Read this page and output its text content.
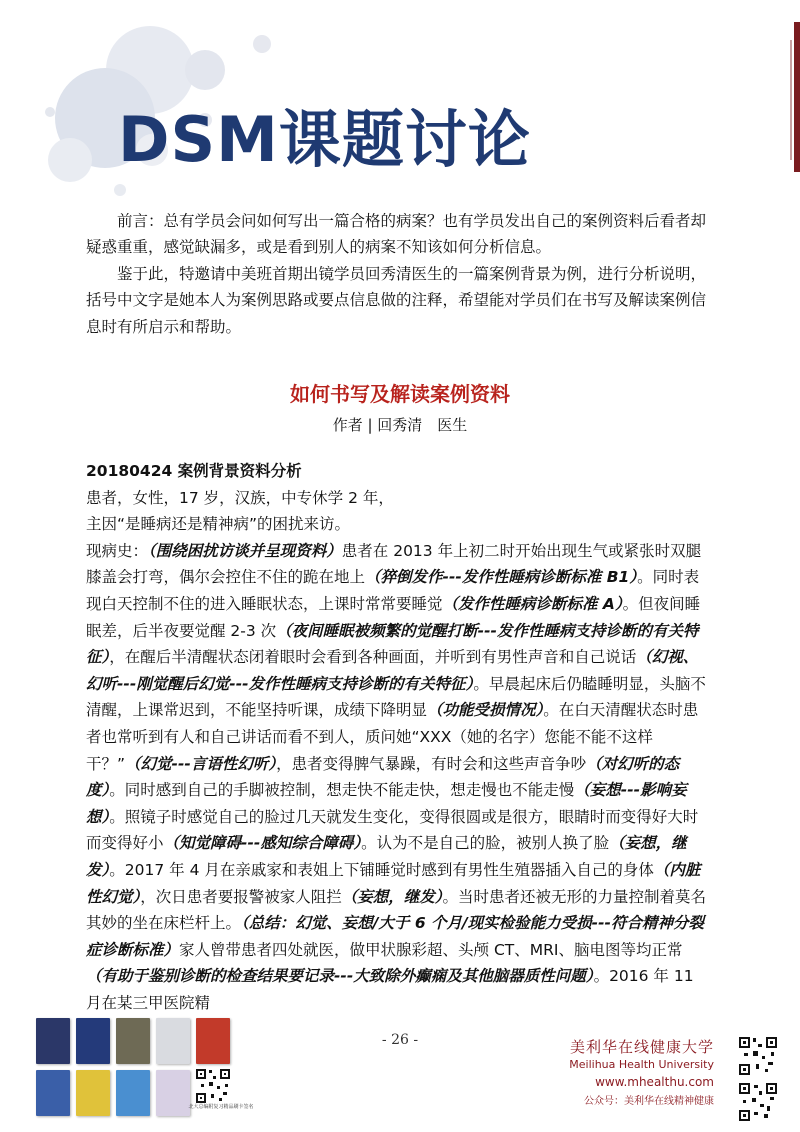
DSM课题讨论

前言：总有学员会问如何写出一篇合格的病案？也有学员发出自己的案例资料后看者却疑惑重重，感觉缺漏多，或是看到别人的病案不知该如何分析信息。

鉴于此，特邀请中美班首期出镜学员回秀清医生的一篇案例背景为例，进行分析说明，括号中文字是她本人为案例思路或要点信息做的注释，希望能对学员们在书写及解读案例信息时有所启示和帮助。

如何书写及解读案例资料
作者 | 回秀清　医生

20180424 案例背景资料分析

患者，女性，17 岁，汉族，中专休学 2 年，

主因“是睡病还是精神病”的困扰来访。

现病史：（围绕困扰访谈并呈现资料）患者在 2013 年上初二时开始出现生气或紧张时双腿膝盖会打弯，偶尔会控住不住的跪在地上（猝倒发作---发作性睡病诊断标准 B1）。同时表现白天控制不住的进入睡眠状态，上课时常常要睡觉（发作性睡病诊断标准 A）。但夜间睡眠差，后半夜要觉醒 2-3 次（夜间睡眠被频繁的觉醒打断---发作性睡病支持诊断的有关特征），在醒后半清醒状态闭着眼时会看到各种画面，并听到有男性声音和自己说话（幻视、幻听---刚觉醒后幻觉---发作性睡病支持诊断的有关特征）。早晨起床后仍瞌睡明显，头脑不清醒，上课常迟到，不能坚持听课，成绩下降明显（功能受损情况）。在白天清醒状态时患者也常听到有人和自己讲话而看不到人，质问她“XXX（她的名字）您能不能不这样干？”（幻觉---言语性幻听），患者变得脾气暴躁，有时会和这些声音争吵（对幻听的态度）。同时感到自己的手脚被控制，想走快不能走快，想走慢也不能走慢（妄想---影响妄想）。照镜子时感觉自己的脸过几天就发生变化，变得很圆或是很方，眼睛时而变得好大时而变得好小（知觉障碍---感知综合障碍）。认为不是自己的脸，被别人换了脸（妄想，继发）。2017 年 4 月在亲戚家和表姐上下铺睡觉时感到有男性生殖器插入自己的身体（内脏性幻觉），次日患者要报警被家人阻拦（妄想，继发）。当时患者还被无形的力量控制着莫名其妙的坐在床栏杆上。（总结：幻觉、妄想/大于 6 个月/现实检验能力受损---符合精神分裂症诊断标准）家人曾带患者四处就医，做甲状腺彩超、头颅 CT、MRI、脑电图等均正常（有助于鉴别诊断的检查结果要记录---大致除外癫痫及其他脑器质性问题）。2016 年 11 月在某三甲医院精

- 26 -
北大总编附复习精品刷卡签名
美利华在线健康大学
Meilihua Health University
www.mhealthu.com
公众号：美利华在线精神健康
